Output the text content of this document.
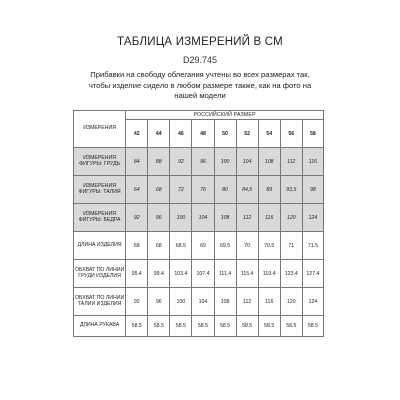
ТАБЛИЦА ИЗМЕРЕНИЙ В СМ
D29.745
Прибавки на свободу облегания учтены во всех размерах так, чтобы изделие сидело в любом размере также, как на фото на нашей модели
ИЗМЕРЕНИЯ	РОССИЙСКИЙ РАЗМЕР								
	42	44	46	48	50	52	54	56	58
ИЗМЕРЕНИЯ ФИГУРЫ: ГРУДЬ	84	88	92	96	100	104	108	112	116
ИЗМЕРЕНИЯ ФИГУРЫ: ТАЛИЯ	64	68	72	76	80	84,5	89	93,5	98
ИЗМЕРЕНИЯ ФИГУРЫ: БЕДРА	92	96	100	104	108	112	116	120	124
ДЛИНА ИЗДЕЛИЯ	68	68	68.5	69	69.5	70	70.5	71	71.5
ОБХВАТ ПО ЛИНИИ ГРУДИ ИЗДЕЛИЯ	95.4	99.4	103.4	107.4	111.4	115.4	119.4	123.4	127.4
ОБХВАТ ПО ЛИНИИ ТАЛИИ ИЗДЕЛИЯ	92	96	100	104	108	112	116	120	124
ДЛИНА РУКАВА	58.5	58.5	58.5	58.5	58.5	58.5	58.5	58.5	58.5
